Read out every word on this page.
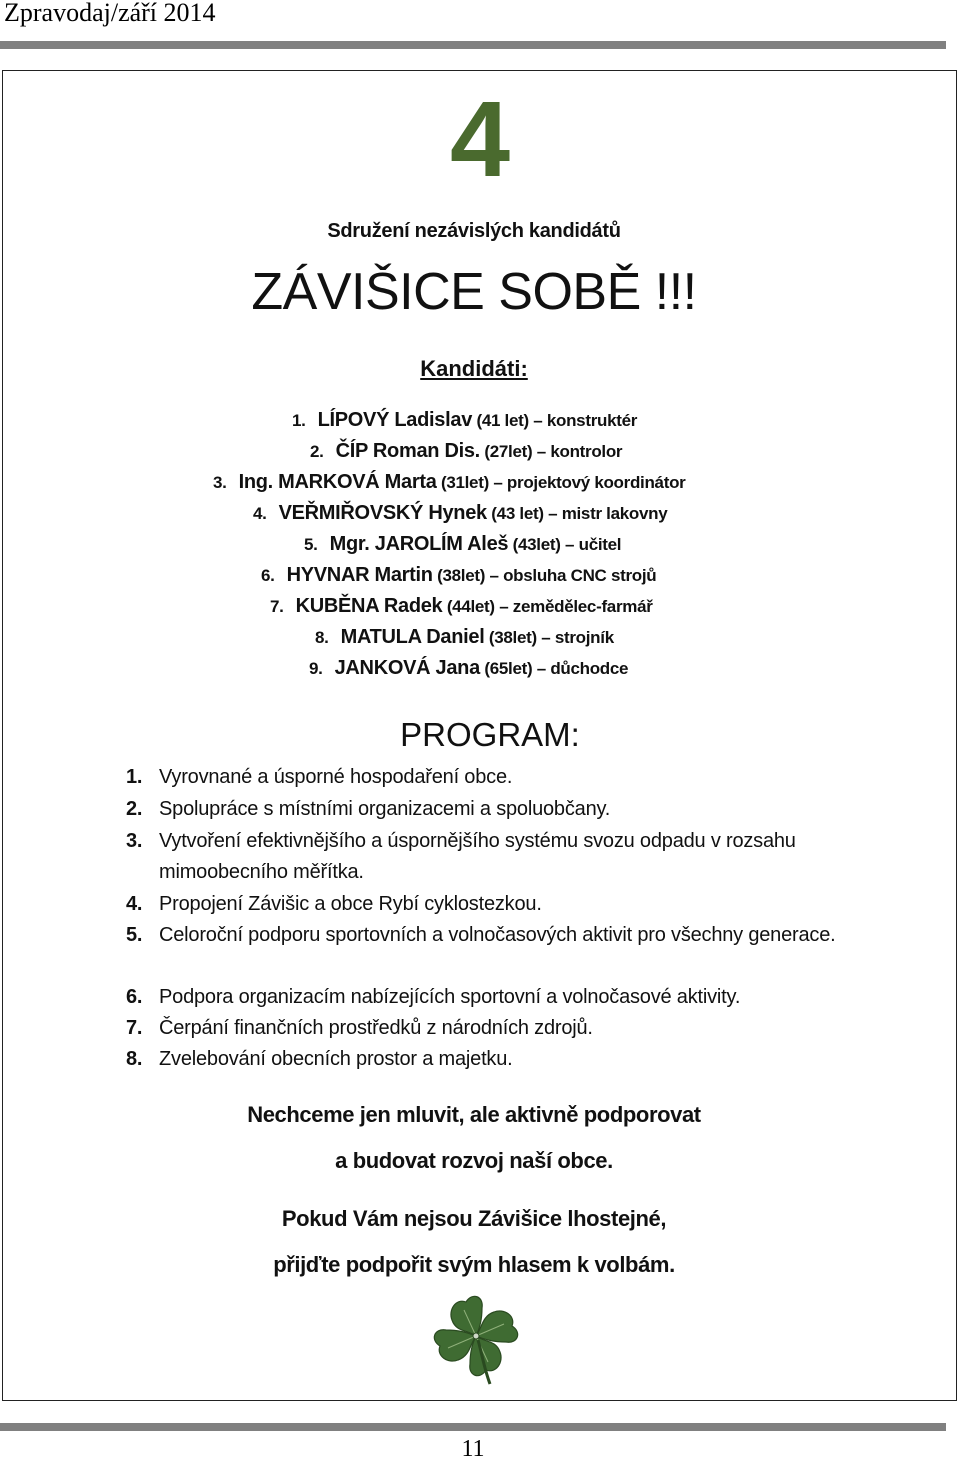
Zpravodaj/září 2014
4
Sdružení nezávislých kandidátů
ZÁVIŠICE SOBĚ !!!
Kandidáti:
1. LÍPOVÝ Ladislav (41 let) – konstruktér
2. ČÍP Roman Dis. (27let) – kontrolor
3. Ing. MARKOVÁ Marta (31let) – projektový koordinátor
4. VEŘMIŘOVSKÝ Hynek (43 let) – mistr lakovny
5. Mgr. JAROLÍM Aleš (43let) – učitel
6. HYVNAR Martin (38let) – obsluha CNC strojů
7. KUBĚNA Radek (44let) – zemědělec-farmář
8. MATULA Daniel (38let) – strojník
9. JANKOVÁ Jana (65let) – důchodce
PROGRAM:
1. Vyrovnané a úsporné hospodaření obce.
2. Spolupráce s místními organizacemi a spoluobčany.
3. Vytvoření efektivnějšího a úspornějšího systému svozu odpadu v rozsahu mimoobecního měřítka.
4. Propojení Závišic a obce Rybí cyklostezkou.
5. Celoroční podporu sportovních a volnočasových aktivit pro všechny generace.
6. Podpora organizacím nabízejících sportovní a volnočasové aktivity.
7. Čerpání finančních prostředků z národních zdrojů.
8. Zvelebování obecních prostor a majetku.
Nechceme jen mluvit, ale aktivně podporovat
a budovat rozvoj naší obce.
Pokud Vám nejsou Závišice lhostejné,
přijďte podpořit svým hlasem k volbám.
11
